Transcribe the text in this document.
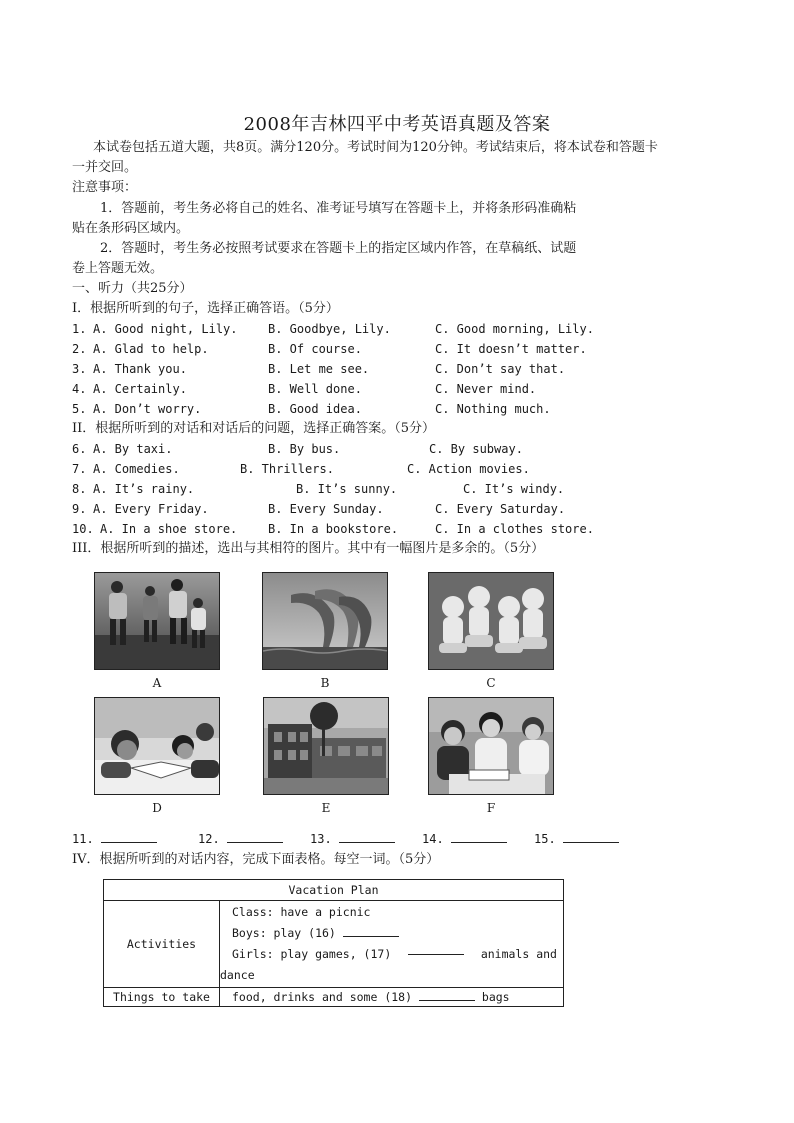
2008年吉林四平中考英语真题及答案
本试卷包括五道大题，共8页。满分120分。考试时间为120分钟。考试结束后，将本试卷和答题卡
一并交回。
注意事项：
1．答题前，考生务必将自己的姓名、准考证号填写在答题卡上，并将条形码准确粘
贴在条形码区域内。
2．答题时，考生务必按照考试要求在答题卡上的指定区域内作答，在草稿纸、试题
卷上答题无效。
一、听力（共25分）
I．根据所听到的句子，选择正确答语。（5分）
1. A. Good night, Lily.	B. Goodbye, Lily.	C. Good morning, Lily.
2. A. Glad to help.	B. Of course.	C. It doesn’t matter.
3. A. Thank you.	B. Let me see.	C. Don’t say that.
4. A. Certainly.	B. Well done.	C. Never mind.
5. A. Don’t worry.	B. Good idea.	C. Nothing much.
II．根据所听到的对话和对话后的问题，选择正确答案。（5分）
6. A. By taxi.	B. By bus.	C. By subway.
7. A. Comedies.	B. Thrillers.	C. Action movies.
8. A. It’s rainy.	B. It’s sunny.	C. It’s windy.
9. A. Every Friday.	B. Every Sunday.	C. Every Saturday.
10. A. In a shoe store.	B. In a bookstore.	C. In a clothes store.
III．根据所听到的描述，选出与其相符的图片。其中有一幅图片是多余的。（5分）
A	B	C
D	E	F
11.	12.	13.	14.	15.
IV．根据所听到的对话内容，完成下面表格。每空一词。（5分）
Vacation Plan	
Activities	Class: have a picnic
Boys: play (16)
Girls: play games, (17) animals and
dance

Things to take	food, drinks and some (18) bags
